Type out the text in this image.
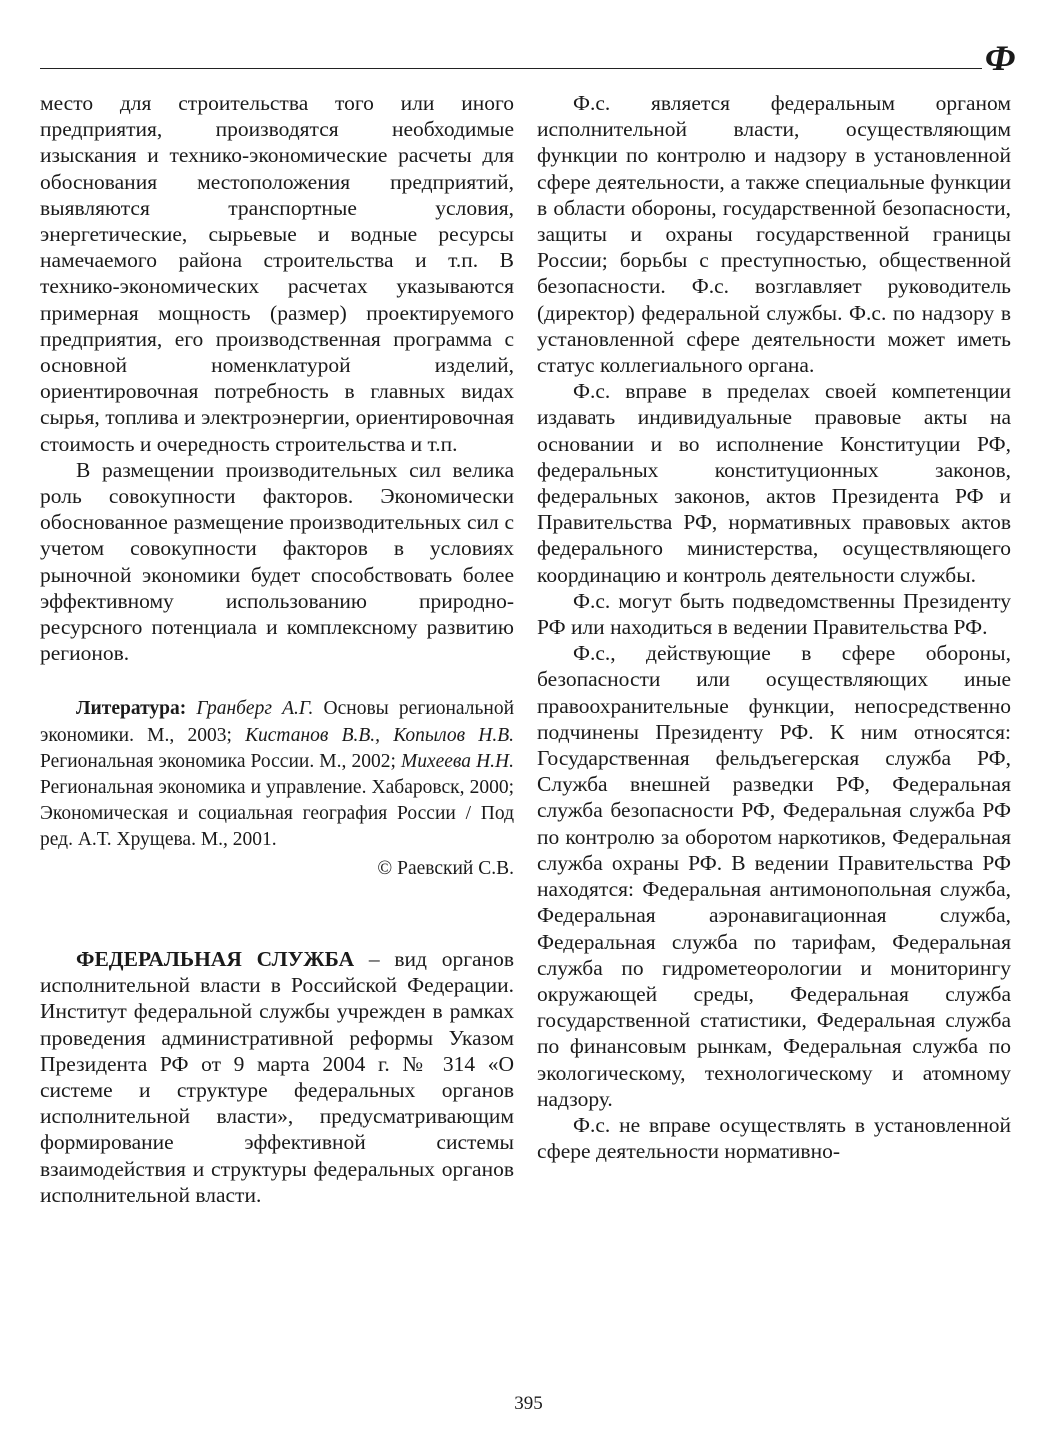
Ф

место для строительства того или иного предприятия, производятся необходимые изыскания и технико-экономические расчеты для обоснования местоположения предприятий, выявляются транспортные условия, энергетические, сырьевые и водные ресурсы намечаемого района строительства и т.п. В технико-экономических расчетах указываются примерная мощность (размер) проектируемого предприятия, его производственная программа с основной номенклатурой изделий, ориентировочная потребность в главных видах сырья, топлива и электроэнергии, ориентировочная стоимость и очередность строительства и т.п.

В размещении производительных сил велика роль совокупности факторов. Экономически обоснованное размещение производительных сил с учетом совокупности факторов в условиях рыночной экономики будет способствовать более эффективному использованию природно-ресурсного потенциала и комплексному развитию регионов.

Литература: Гранберг А.Г. Основы региональной экономики. М., 2003; Кистанов В.В., Копылов Н.В. Региональная экономика России. М., 2002; Михеева Н.Н. Региональная экономика и управление. Хабаровск, 2000; Экономическая и социальная география России / Под ред. А.Т. Хрущева. М., 2001.

© Раевский С.В.

ФЕДЕРАЛЬНАЯ СЛУЖБА – вид органов исполнительной власти в Российской Федерации. Институт федеральной службы учрежден в рамках проведения административной реформы Указом Президента РФ от 9 марта 2004 г. № 314 «О системе и структуре федеральных органов исполнительной власти», предусматривающим формирование эффективной системы взаимодействия и структуры федеральных органов исполнительной власти.

Ф.с. является федеральным органом исполнительной власти, осуществляющим функции по контролю и надзору в установленной сфере деятельности, а также специальные функции в области обороны, государственной безопасности, защиты и охраны государственной границы России; борьбы с преступностью, общественной безопасности. Ф.с. возглавляет руководитель (директор) федеральной службы. Ф.с. по надзору в установленной сфере деятельности может иметь статус коллегиального органа.

Ф.с. вправе в пределах своей компетенции издавать индивидуальные правовые акты на основании и во исполнение Конституции РФ, федеральных конституционных законов, федеральных законов, актов Президента РФ и Правительства РФ, нормативных правовых актов федерального министерства, осуществляющего координацию и контроль деятельности службы.

Ф.с. могут быть подведомственны Президенту РФ или находиться в ведении Правительства РФ.

Ф.с., действующие в сфере обороны, безопасности или осуществляющих иные правоохранительные функции, непосредственно подчинены Президенту РФ. К ним относятся: Государственная фельдъегерская служба РФ, Служба внешней разведки РФ, Федеральная служба безопасности РФ, Федеральная служба РФ по контролю за оборотом наркотиков, Федеральная служба охраны РФ. В ведении Правительства РФ находятся: Федеральная антимонопольная служба, Федеральная аэронавигационная служба, Федеральная служба по тарифам, Федеральная служба по гидрометеорологии и мониторингу окружающей среды, Федеральная служба государственной статистики, Федеральная служба по финансовым рынкам, Федеральная служба по экологическому, технологическому и атомному надзору.

Ф.с. не вправе осуществлять в установленной сфере деятельности нормативно-

395
